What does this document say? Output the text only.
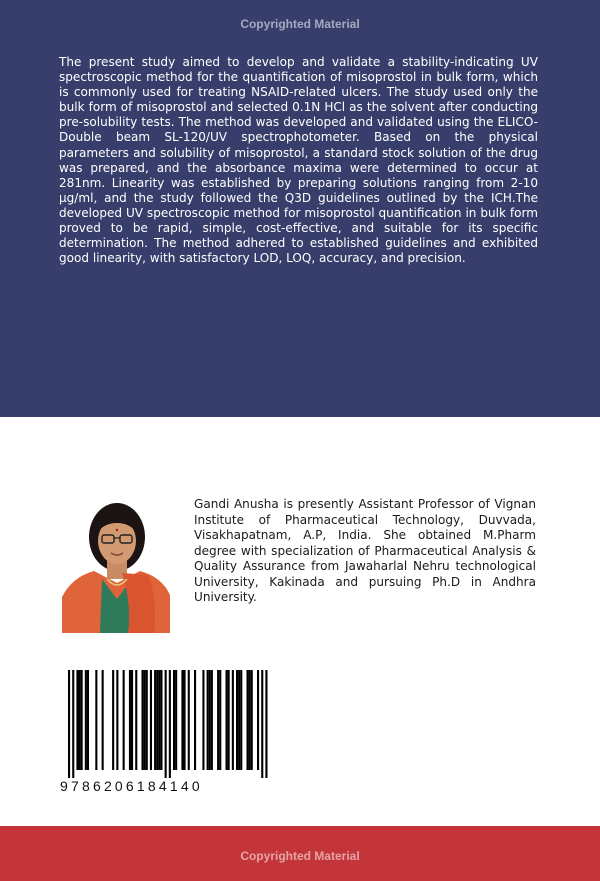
Copyrighted Material

The present study aimed to develop and validate a stability-indicating UV spectroscopic method for the quantification of misoprostol in bulk form, which is commonly used for treating NSAID-related ulcers. The study used only the bulk form of misoprostol and selected 0.1N HCl as the solvent after conducting pre-solubility tests. The method was developed and validated using the ELICO-Double beam SL-120/UV spectrophotometer. Based on the physical parameters and solubility of misoprostol, a standard stock solution of the drug was prepared, and the absorbance maxima were determined to occur at 281nm. Linearity was established by preparing solutions ranging from 2-10 µg/ml, and the study followed the Q3D guidelines outlined by the ICH.The developed UV spectroscopic method for misoprostol quantification in bulk form proved to be rapid, simple, cost-effective, and suitable for its specific determination. The method adhered to established guidelines and exhibited good linearity, with satisfactory LOD, LOQ, accuracy, and precision.

Gandi Anusha is presently Assistant Professor of Vignan Institute of Pharmaceutical Technology, Duvvada, Visakhapatnam, A.P, India. She obtained M.Pharm degree with specialization of Pharmaceutical Analysis & Quality Assurance from Jawaharlal Nehru technological University, Kakinada and pursuing Ph.D in Andhra University.

9786206184140
Copyrighted Material
